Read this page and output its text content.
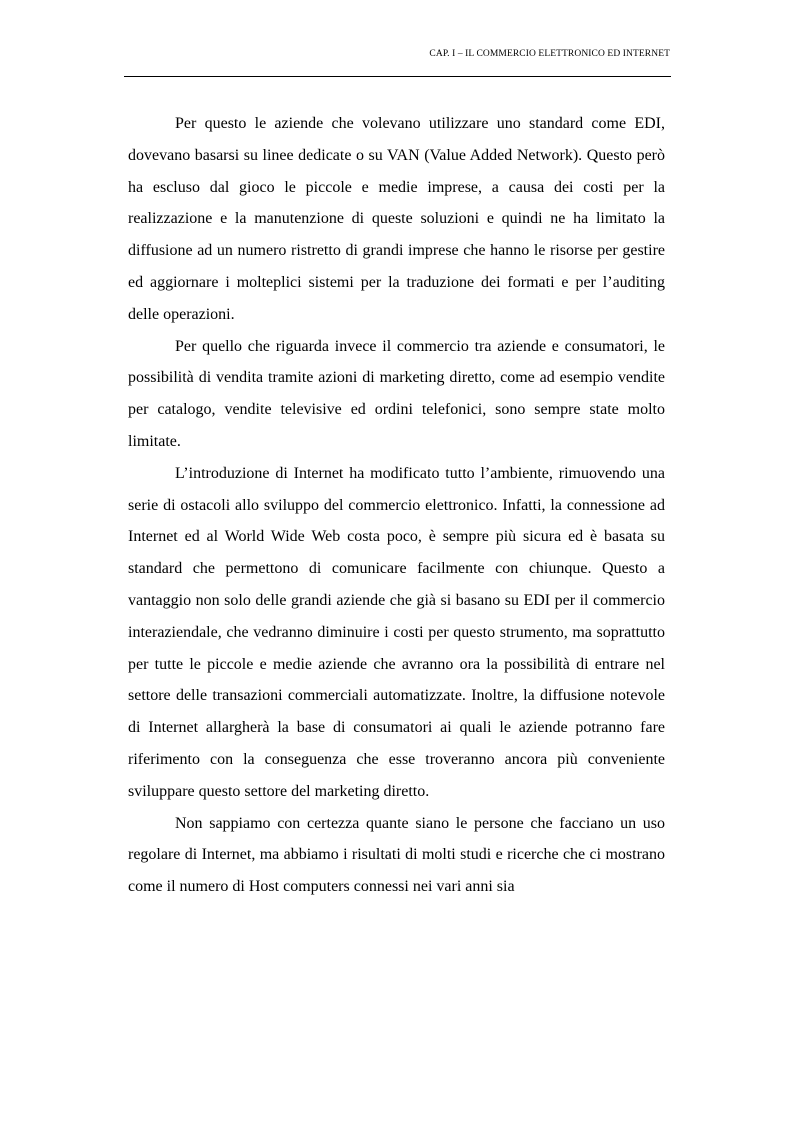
CAP. I – IL COMMERCIO ELETTRONICO ED INTERNET

Per questo le aziende che volevano utilizzare uno standard come EDI, dovevano basarsi su linee dedicate o su VAN (Value Added Network). Questo però ha escluso dal gioco le piccole e medie imprese, a causa dei costi per la realizzazione e la manutenzione di queste soluzioni e quindi ne ha limitato la diffusione ad un numero ristretto di grandi imprese che hanno le risorse per gestire ed aggiornare i molteplici sistemi per la traduzione dei formati e per l’auditing delle operazioni.

Per quello che riguarda invece il commercio tra aziende e consumatori, le possibilità di vendita tramite azioni di marketing diretto, come ad esempio vendite per catalogo, vendite televisive ed ordini telefonici, sono sempre state molto limitate.

L’introduzione di Internet ha modificato tutto l’ambiente, rimuovendo una serie di ostacoli allo sviluppo del commercio elettronico. Infatti, la connessione ad Internet ed al World Wide Web costa poco, è sempre più sicura ed è basata su standard che permettono di comunicare facilmente con chiunque. Questo a vantaggio non solo delle grandi aziende che già si basano su EDI per il commercio interaziendale, che vedranno diminuire i costi per questo strumento, ma soprattutto per tutte le piccole e medie aziende che avranno ora la possibilità di entrare nel settore delle transazioni commerciali automatizzate. Inoltre, la diffusione notevole di Internet allargherà la base di consumatori ai quali le aziende potranno fare riferimento con la conseguenza che esse troveranno ancora più conveniente sviluppare questo settore del marketing diretto.

Non sappiamo con certezza quante siano le persone che facciano un uso regolare di Internet, ma abbiamo i risultati di molti studi e ricerche che ci mostrano come il numero di Host computers connessi nei vari anni sia
